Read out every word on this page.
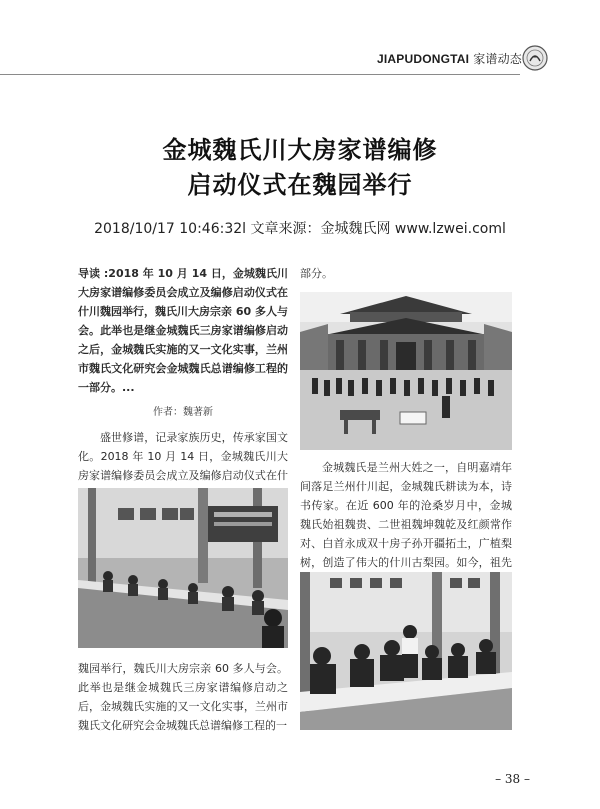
JIAPUDONGTAI 家谱动态
金城魏氏川大房家谱编修
启动仪式在魏园举行
2018/10/17 10:46:32l 文章来源：金城魏氏网 www.lzwei.coml

导读 :2018 年 10 月 14 日，金城魏氏川大房家谱编修委员会成立及编修启动仪式在什川魏园举行，魏氏川大房宗亲 60 多人与会。此举也是继金城魏氏三房家谱编修启动之后，金城魏氏实施的又一文化实事，兰州市魏氏文化研究会金城魏氏总谱编修工程的一部分。...

作者：魏著新

盛世修谱，记录家族历史，传承家国文化。2018 年 10 月 14 日，金城魏氏川大房家谱编修委员会成立及编修启动仪式在什

魏园举行，魏氏川大房宗亲 60 多人与会。此举也是继金城魏氏三房家谱编修启动之后，金城魏氏实施的又一文化实事，兰州市魏氏文化研究会金城魏氏总谱编修工程的一

部分。

金城魏氏是兰州大姓之一，自明嘉靖年间落足兰州什川起，金城魏氏耕读为本，诗书传家。在近 600 年的沧桑岁月中，金城魏氏始祖魏贵、二世祖魏坤魏乾及红颜常作对、白首永成双十房子孙开疆拓土，广植梨树，创造了伟大的什川古梨园。如今，祖先

– 38 –
